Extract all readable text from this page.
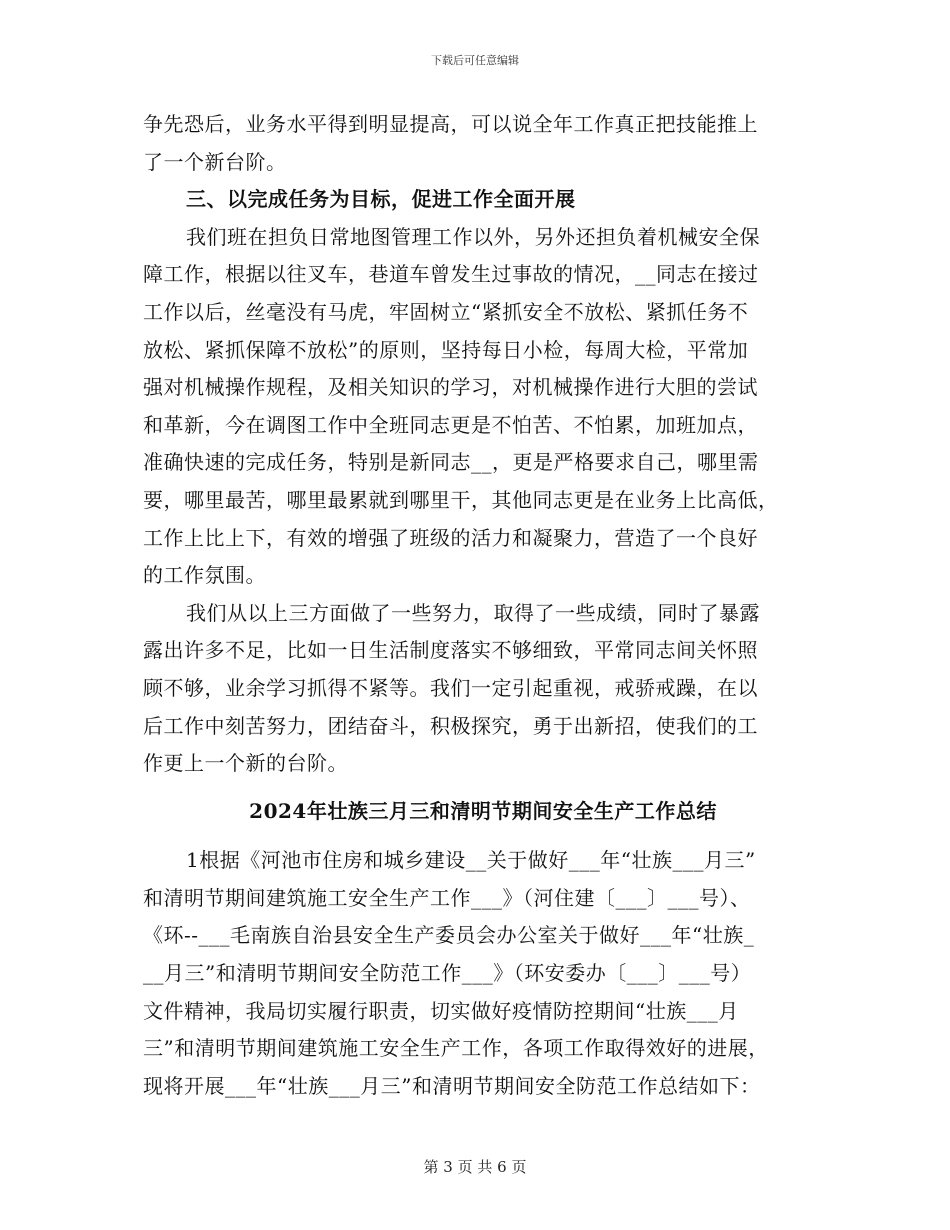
下载后可任意编辑
争先恐后，业务水平得到明显提高，可以说全年工作真正把技能推上
了一个新台阶。
三、以完成任务为目标，促进工作全面开展
我们班在担负日常地图管理工作以外，另外还担负着机械安全保
障工作，根据以往叉车，巷道车曾发生过事故的情况，__同志在接过
工作以后，丝毫没有马虎，牢固树立“紧抓安全不放松、紧抓任务不
放松、紧抓保障不放松”的原则，坚持每日小检，每周大检，平常加
强对机械操作规程，及相关知识的学习，对机械操作进行大胆的尝试
和革新，今在调图工作中全班同志更是不怕苦、不怕累，加班加点，
准确快速的完成任务，特别是新同志__，更是严格要求自己，哪里需
要，哪里最苦，哪里最累就到哪里干，其他同志更是在业务上比高低，
工作上比上下，有效的增强了班级的活力和凝聚力，营造了一个良好
的工作氛围。
我们从以上三方面做了一些努力，取得了一些成绩，同时了暴露
露出许多不足，比如一日生活制度落实不够细致，平常同志间关怀照
顾不够，业余学习抓得不紧等。我们一定引起重视，戒骄戒躁，在以
后工作中刻苦努力，团结奋斗，积极探究，勇于出新招，使我们的工
作更上一个新的台阶。
2024年壮族三月三和清明节期间安全生产工作总结
1根据《河池市住房和城乡建设__关于做好___年“壮族___月三”
和清明节期间建筑施工安全生产工作___》（河住建〔___〕___号）、
《环--___毛南族自治县安全生产委员会办公室关于做好___年“壮族_
__月三”和清明节期间安全防范工作___》（环安委办〔___〕___号）
文件精神，我局切实履行职责，切实做好疫情防控期间“壮族___月
三”和清明节期间建筑施工安全生产工作，各项工作取得效好的进展，
现将开展___年“壮族___月三”和清明节期间安全防范工作总结如下：
第 3 页 共 6 页
